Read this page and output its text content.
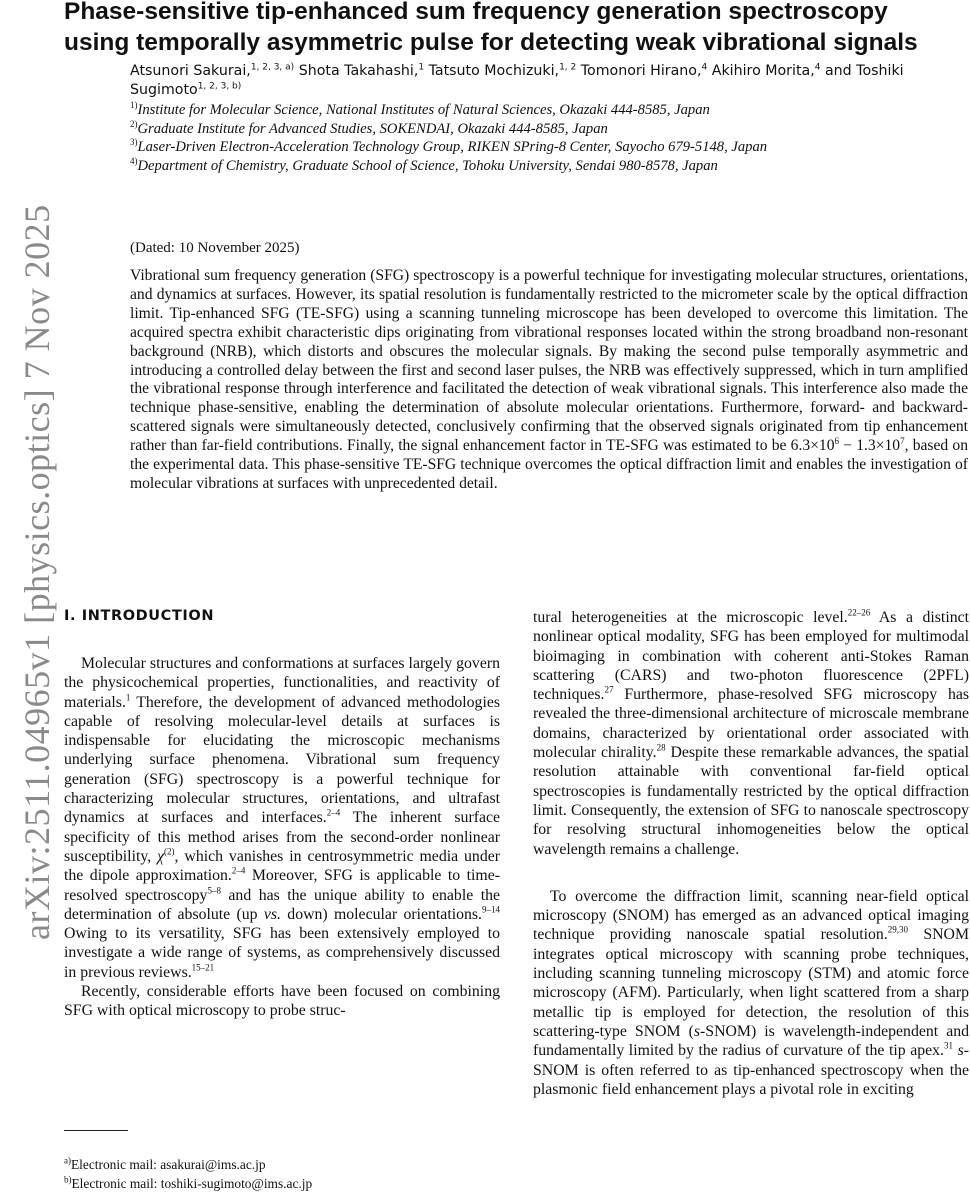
arXiv:2511.04965v1 [physics.optics] 7 Nov 2025
Phase-sensitive tip-enhanced sum frequency generation spectroscopy using temporally asymmetric pulse for detecting weak vibrational signals
Atsunori Sakurai,$^{1, 2, 3, a)}$ Shota Takahashi,$^1$ Tatsuto Mochizuki,$^{1, 2}$ Tomonori Hirano,$^4$ Akihiro Morita,$^4$ and Toshiki Sugimoto$^{1, 2, 3, b)}$
$^{1)}$Institute for Molecular Science, National Institutes of Natural Sciences, Okazaki 444-8585, Japan
$^{2)}$Graduate Institute for Advanced Studies, SOKENDAI, Okazaki 444-8585, Japan
$^{3)}$Laser-Driven Electron-Acceleration Technology Group, RIKEN SPring-8 Center, Sayocho 679-5148, Japan
$^{4)}$Department of Chemistry, Graduate School of Science, Tohoku University, Sendai 980-8578, Japan
(Dated: 10 November 2025)

Vibrational sum frequency generation (SFG) spectroscopy is a powerful technique for investigating molecular structures, orientations, and dynamics at surfaces. However, its spatial resolution is fundamentally restricted to the micrometer scale by the optical diffraction limit. Tip-enhanced SFG (TE-SFG) using a scanning tunneling microscope has been developed to overcome this limitation. The acquired spectra exhibit characteristic dips originating from vibrational responses located within the strong broadband non-resonant background (NRB), which distorts and obscures the molecular signals. By making the second pulse temporally asymmetric and introducing a controlled delay between the first and second laser pulses, the NRB was effectively suppressed, which in turn amplified the vibrational response through interference and facilitated the detection of weak vibrational signals. This interference also made the technique phase-sensitive, enabling the determination of absolute molecular orientations. Furthermore, forward- and backward-scattered signals were simultaneously detected, conclusively confirming that the observed signals originated from tip enhancement rather than far-field contributions. Finally, the signal enhancement factor in TE-SFG was estimated to be $6.3\times 10^6 - 1.3\times 10^7$, based on the experimental data. This phase-sensitive TE-SFG technique overcomes the optical diffraction limit and enables the investigation of molecular vibrations at surfaces with unprecedented detail.

I. INTRODUCTION

Molecular structures and conformations at surfaces largely govern the physicochemical properties, functionalities, and reactivity of materials.$^1$ Therefore, the development of advanced methodologies capable of resolving molecular-level details at surfaces is indispensable for elucidating the microscopic mechanisms underlying surface phenomena. Vibrational sum frequency generation (SFG) spectroscopy is a powerful technique for characterizing molecular structures, orientations, and ultrafast dynamics at surfaces and interfaces.$^{2-4}$ The inherent surface specificity of this method arises from the second-order nonlinear susceptibility, $\chi^{(2)}$, which vanishes in centrosymmetric media under the dipole approximation.$^{2-4}$ Moreover, SFG is applicable to time-resolved spectroscopy$^{5-8}$ and has the unique ability to enable the determination of absolute (up vs. down) molecular orientations.$^{9-14}$ Owing to its versatility, SFG has been extensively employed to investigate a wide range of systems, as comprehensively discussed in previous reviews.$^{15-21}$

Recently, considerable efforts have been focused on combining SFG with optical microscopy to probe struc-

tural heterogeneities at the microscopic level.$^{22-26}$ As a distinct nonlinear optical modality, SFG has been employed for multimodal bioimaging in combination with coherent anti-Stokes Raman scattering (CARS) and two-photon fluorescence (2PFL) techniques.$^{27}$ Furthermore, phase-resolved SFG microscopy has revealed the three-dimensional architecture of microscale membrane domains, characterized by orientational order associated with molecular chirality.$^{28}$ Despite these remarkable advances, the spatial resolution attainable with conventional far-field optical spectroscopies is fundamentally restricted by the optical diffraction limit. Consequently, the extension of SFG to nanoscale spectroscopy for resolving structural inhomogeneities below the optical wavelength remains a challenge.

To overcome the diffraction limit, scanning near-field optical microscopy (SNOM) has emerged as an advanced optical imaging technique providing nanoscale spatial resolution.$^{29,30}$ SNOM integrates optical microscopy with scanning probe techniques, including scanning tunneling microscopy (STM) and atomic force microscopy (AFM). Particularly, when light scattered from a sharp metallic tip is employed for detection, the resolution of this scattering-type SNOM (s-SNOM) is wavelength-independent and fundamentally limited by the radius of curvature of the tip apex.$^{31}$ s-SNOM is often referred to as tip-enhanced spectroscopy when the plasmonic field enhancement plays a pivotal role in exciting

$^{a)}$Electronic mail: asakurai@ims.ac.jp
$^{b)}$Electronic mail: toshiki-sugimoto@ims.ac.jp
